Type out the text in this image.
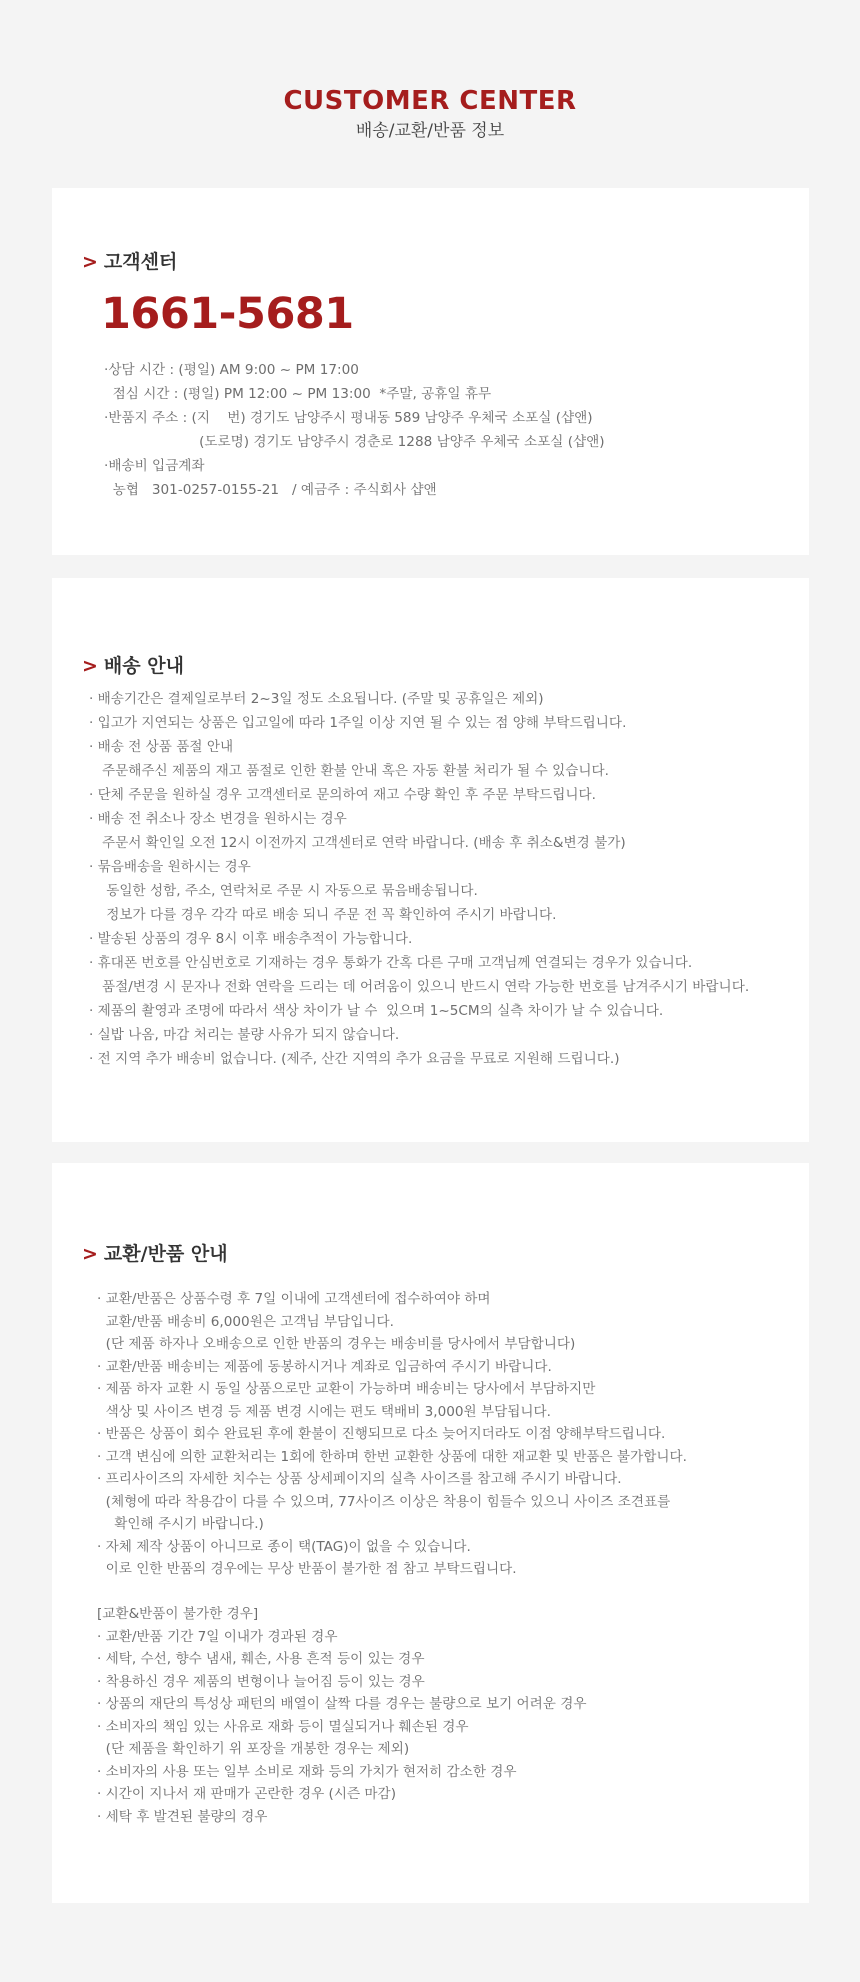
CUSTOMER CENTER
배송/교환/반품 정보
> 고객센터
1661-5681
·상담 시간 : (평일) AM 9:00 ~ PM 17:00
점심 시간 : (평일) PM 12:00 ~ PM 13:00  *주말, 공휴일 휴무
·반품지 주소 : (지    번) 경기도 남양주시 평내동 589 남양주 우체국 소포실 (샵앤)
(도로명) 경기도 남양주시 경춘로 1288 남양주 우체국 소포실 (샵앤)
·배송비 입금계좌
농협   301-0257-0155-21   / 예금주 : 주식회사 샵앤
> 배송 안내
· 배송기간은 결제일로부터 2~3일 정도 소요됩니다. (주말 및 공휴일은 제외)
· 입고가 지연되는 상품은 입고일에 따라 1주일 이상 지연 될 수 있는 점 양해 부탁드립니다.
· 배송 전 상품 품절 안내
주문해주신 제품의 재고 품절로 인한 환불 안내 혹은 자동 환불 처리가 될 수 있습니다.
· 단체 주문을 원하실 경우 고객센터로 문의하여 재고 수량 확인 후 주문 부탁드립니다.
· 배송 전 취소나 장소 변경을 원하시는 경우
주문서 확인일 오전 12시 이전까지 고객센터로 연락 바랍니다. (배송 후 취소&변경 불가)
· 묶음배송을 원하시는 경우
동일한 성함, 주소, 연락처로 주문 시 자동으로 묶음배송됩니다.
정보가 다를 경우 각각 따로 배송 되니 주문 전 꼭 확인하여 주시기 바랍니다.
· 발송된 상품의 경우 8시 이후 배송추적이 가능합니다.
· 휴대폰 번호를 안심번호로 기재하는 경우 통화가 간혹 다른 구매 고객님께 연결되는 경우가 있습니다.
품절/변경 시 문자나 전화 연락을 드리는 데 어려움이 있으니 반드시 연락 가능한 번호를 남겨주시기 바랍니다.
· 제품의 촬영과 조명에 따라서 색상 차이가 날 수  있으며 1~5CM의 실측 차이가 날 수 있습니다.
· 실밥 나옴, 마감 처리는 불량 사유가 되지 않습니다.
· 전 지역 추가 배송비 없습니다. (제주, 산간 지역의 추가 요금을 무료로 지원해 드립니다.)
> 교환/반품 안내
· 교환/반품은 상품수령 후 7일 이내에 고객센터에 접수하여야 하며
교환/반품 배송비 6,000원은 고객님 부담입니다.
(단 제품 하자나 오배송으로 인한 반품의 경우는 배송비를 당사에서 부담합니다)
· 교환/반품 배송비는 제품에 동봉하시거나 계좌로 입금하여 주시기 바랍니다.
· 제품 하자 교환 시 동일 상품으로만 교환이 가능하며 배송비는 당사에서 부담하지만
색상 및 사이즈 변경 등 제품 변경 시에는 편도 택배비 3,000원 부담됩니다.
· 반품은 상품이 회수 완료된 후에 환불이 진행되므로 다소 늦어지더라도 이점 양해부탁드립니다.
· 고객 변심에 의한 교환처리는 1회에 한하며 한번 교환한 상품에 대한 재교환 및 반품은 불가합니다.
· 프리사이즈의 자세한 치수는 상품 상세페이지의 실측 사이즈를 참고해 주시기 바랍니다.
(체형에 따라 착용감이 다를 수 있으며, 77사이즈 이상은 착용이 힘들수 있으니 사이즈 조견표를
확인해 주시기 바랍니다.)
· 자체 제작 상품이 아니므로 종이 택(TAG)이 없을 수 있습니다.
이로 인한 반품의 경우에는 무상 반품이 불가한 점 참고 부탁드립니다.

[교환&반품이 불가한 경우]
· 교환/반품 기간 7일 이내가 경과된 경우
· 세탁, 수선, 향수 냄새, 훼손, 사용 흔적 등이 있는 경우
· 착용하신 경우 제품의 변형이나 늘어짐 등이 있는 경우
· 상품의 재단의 특성상 패턴의 배열이 살짝 다를 경우는 불량으로 보기 어려운 경우
· 소비자의 책임 있는 사유로 재화 등이 멸실되거나 훼손된 경우
(단 제품을 확인하기 위 포장을 개봉한 경우는 제외)
· 소비자의 사용 또는 일부 소비로 재화 등의 가치가 현저히 감소한 경우
· 시간이 지나서 재 판매가 곤란한 경우 (시즌 마감)
· 세탁 후 발견된 불량의 경우
